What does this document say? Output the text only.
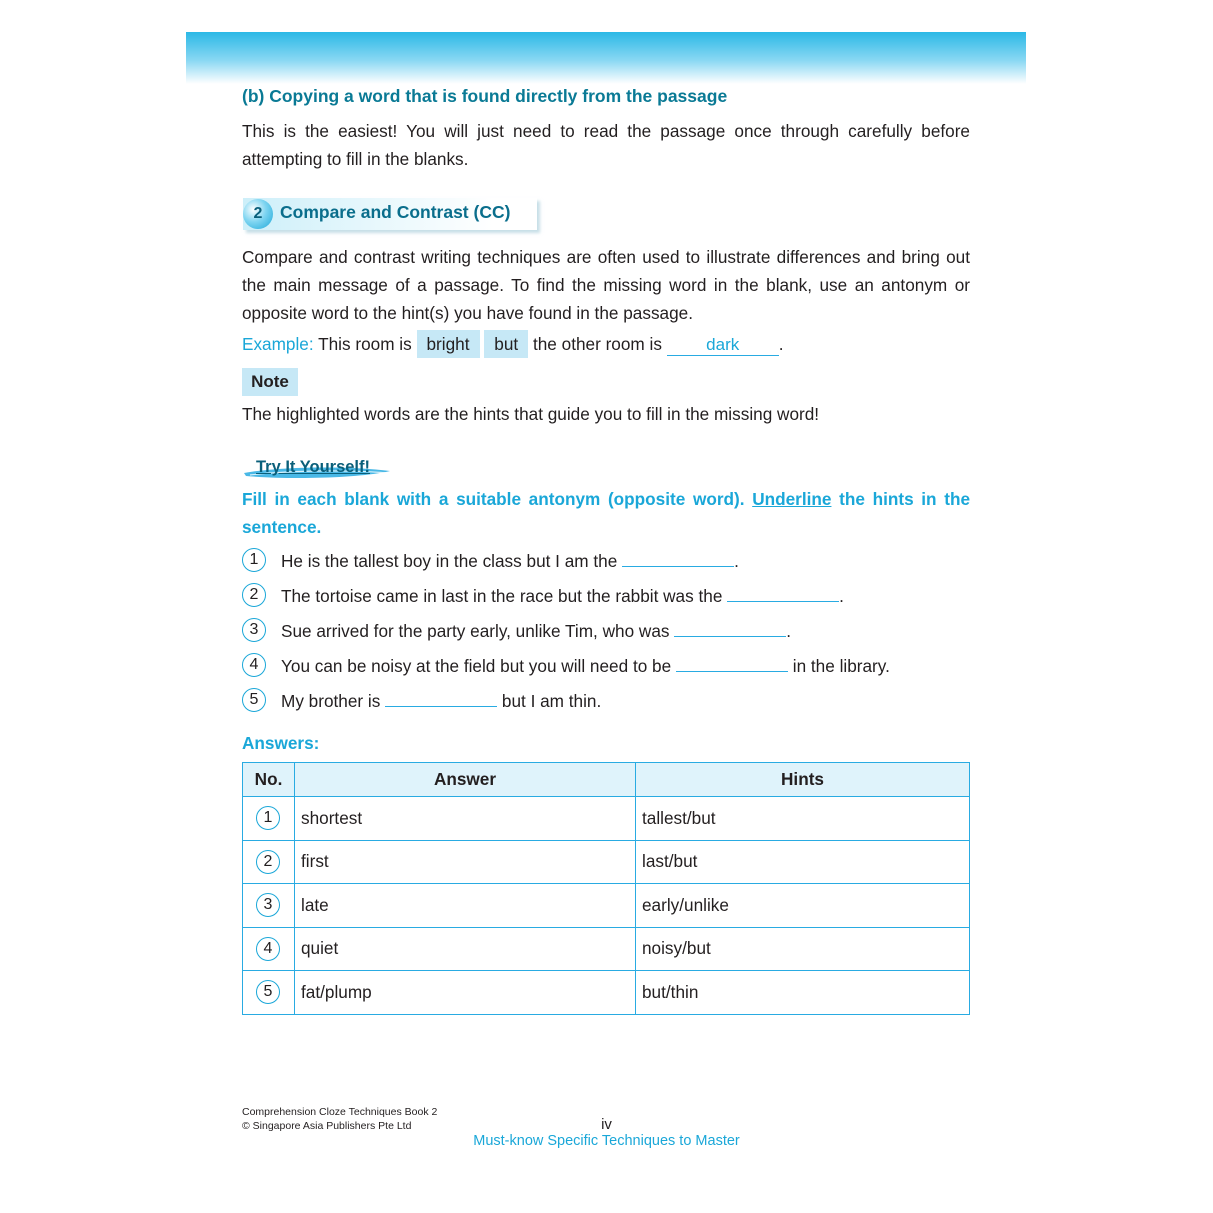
(b) Copying a word that is found directly from the passage
This is the easiest! You will just need to read the passage once through carefully before attempting to fill in the blanks.
2	Compare and Contrast (CC)
Compare and contrast writing techniques are often used to illustrate differences and bring out the main message of a passage. To find the missing word in the blank, use an antonym or opposite word to the hint(s) you have found in the passage.
Example: This room is bright but the other room is	dark .
Note
The highlighted words are the hints that guide you to fill in the missing word!
Try It Yourself!
Fill in each blank with a suitable antonym (opposite word). Underline the hints in the sentence.
1 He is the tallest boy in the class but I am the	.
2 The tortoise came in last in the race but the rabbit was the	.
3 Sue arrived for the party early, unlike Tim, who was	.
4 You can be noisy at the field but you will need to be	in the library.
5 My brother is	but I am thin.
Answers:
No.	Answer	Hints
1	shortest	tallest/but
2	first	last/but
3	late	early/unlike
4	quiet	noisy/but
5	fat/plump	but/thin
Comprehension Cloze Techniques Book 2
© Singapore Asia Publishers Pte Ltd	iv
Must-know Specific Techniques to Master
